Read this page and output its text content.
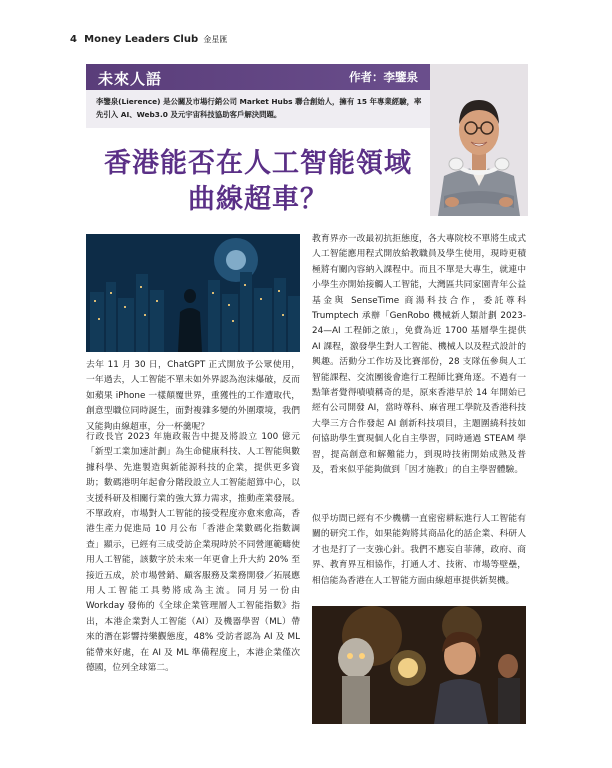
4 Money Leaders Club 金星匯
未來人語	作者：李鑒泉
李鑒泉(Lierence) 是公關及市場行銷公司 Market Hubs 聯合創始人，擁有 15 年專業經驗，率先引入 AI、Web3.0 及元宇宙科技協助客戶解決問題。
香港能否在人工智能領域
曲線超車？

去年 11 月 30 日，ChatGPT 正式開放予公眾使用，一年過去，人工智能不單未如外界認為泡沫爆破，反而如蘋果 iPhone 一樣顛覆世界，重獲性的工作遭取代，創意型職位同時誕生，面對複雜多變的外圍環境，我們又能夠由線超車，分一杯羹呢？

行政長官 2023 年施政報告中提及將設立 100 億元「新型工業加速計劃」為生命健康科技、人工智能與數據科學、先進製造與新能源科技的企業，提供更多資助；數碼港明年起會分階段設立人工智能超算中心，以支援科研及相關行業的強大算力需求，推動產業發展。不單政府，市場對人工智能的接受程度亦愈來愈高，香港生產力促進局 10 月公布「香港企業數碼化指數調查」顯示，已經有三成受訪企業現時於不同營運範疇使用人工智能，該數字於未來一年更會上升大約 20% 至接近五成，於市場營銷、顧客服務及業務開發／拓展應用人工智能工具勢將成為主流。同月另一份由 Workday 發佈的《全球企業管理層人工智能指數》指出，本港企業對人工智能（AI）及機器學習（ML）帶來的潛在影響持樂觀態度，48% 受訪者認為 AI 及 ML 能帶來好處，在 AI 及 ML 準備程度上，本港企業僅次德國，位列全球第二。

教育界亦一改最初抗拒態度，各大專院校不單將生成式人工智能應用程式開放給教職員及學生使用，現時更積極將有關內容納入課程中。而且不單是大專生，就連中小學生亦開始接觸人工智能，大灣區共同家園青年公益基金與 SenseTime 商湯科技合作，委託尊科 Trumptech 承辦「GenRobo 機械新人類計劃 2023-24—AI 工程師之旅」，免費為近 1700 基層學生提供 AI 課程，激發學生對人工智能、機械人以及程式設計的興趣。活動分工作坊及比賽部份，28 支隊伍參與人工智能課程、交流團後會進行工程師比賽角逐。不過有一點筆者覺得嘖嘖稱奇的是，原來香港早於 14 年開始已經有公司開發 AI，當時尊科、麻省理工學院及香港科技大學三方合作發起 AI 創新科技項目，主題圍繞科技如何協助學生實現個人化自主學習，同時通過 STEAM 學習，提高創意和解難能力，到現時技術開始成熟及普及，看來似乎能夠做到「因才施教」的自主學習體驗。

似乎坊間已經有不少機構一直密密耕耘進行人工智能有關的研究工作，如果能夠將其商品化的話企業、科研人才也是打了一支強心針。我們不應妄自菲薄，政府、商界、教育界互相協作，打通人才、技術、市場等壁壘，相信能為香港在人工智能方面由線超車提供新契機。
